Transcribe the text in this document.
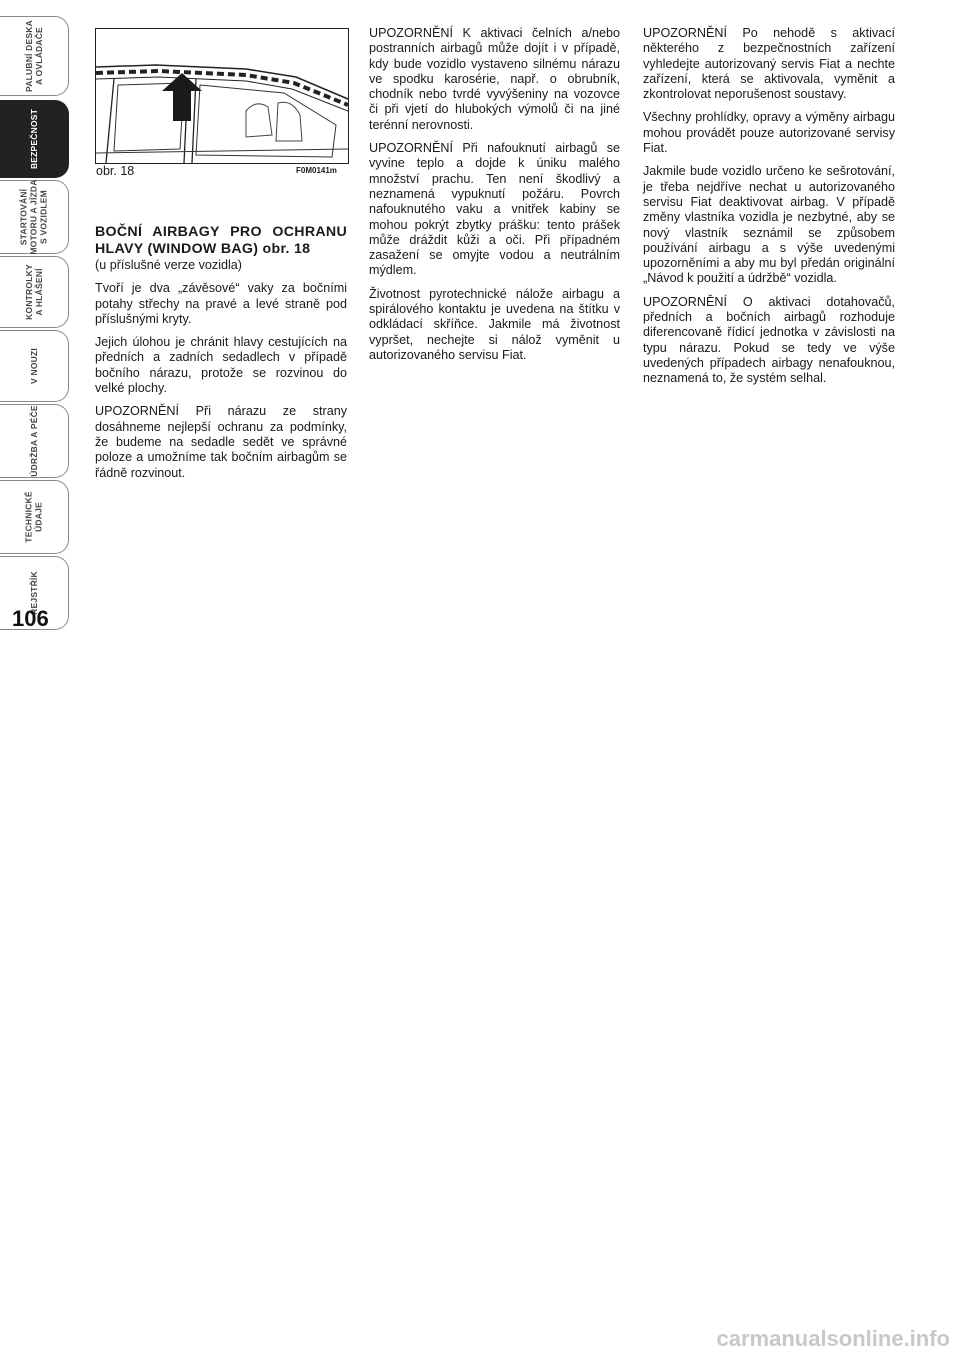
PALUBNÍ DESKA
A OVLÁDAČE
BEZPEČNOST
STARTOVÁNÍ
MOTORU A JÍZDA
S VOZIDLEM
KONTROLKY
A HLÁŠENÍ
V NOUZI
ÚDRŽBA A PÉČE
TECHNICKÉ
ÚDAJE
REJSTŘÍK
106
obr. 18	F0M0141m
BOČNÍ AIRBAGY PRO OCHRANU HLAVY (WINDOW BAG) obr. 18

(u příslušné verze vozidla)

Tvoří je dva „závěsové“ vaky za bočními potahy střechy na pravé a levé straně pod příslušnými kryty.

Jejich úlohou je chránit hlavy cestujících na předních a zadních sedadlech v případě bočního nárazu, protože se rozvinou do velké plochy.

UPOZORNĚNÍ Při nárazu ze strany dosáhneme nejlepší ochranu za podmínky, že budeme na sedadle sedět ve správné poloze a umožníme tak bočním airbagům se řádně rozvinout.

UPOZORNĚNÍ K aktivaci čelních a/nebo postranních airbagů může dojít i v případě, kdy bude vozidlo vystaveno silnému nárazu ve spodku karosérie, např. o obrubník, chodník nebo tvrdé vyvýšeniny na vozovce či při vjetí do hlubokých výmolů či na jiné terénní nerovnosti.

UPOZORNĚNÍ Při nafouknutí airbagů se vyvine teplo a dojde k úniku malého množství prachu. Ten není škodlivý a neznamená vypuknutí požáru. Povrch nafouknutého vaku a vnitřek kabiny se mohou pokrýt zbytky prášku: tento prášek může dráždit kůži a oči. Při případném zasažení se omyjte vodou a neutrálním mýdlem.

Životnost pyrotechnické nálože airbagu a spirálového kontaktu je uvedena na štítku v odkládací skříňce. Jakmile má životnost vypršet, nechejte si nálož vyměnit u autorizovaného servisu Fiat.

UPOZORNĚNÍ Po nehodě s aktivací některého z bezpečnostních zařízení vyhledejte autorizovaný servis Fiat a nechte zařízení, která se aktivovala, vyměnit a zkontrolovat neporušenost soustavy.

Všechny prohlídky, opravy a výměny airbagu mohou provádět pouze autorizované servisy Fiat.

Jakmile bude vozidlo určeno ke sešrotování, je třeba nejdříve nechat u autorizovaného servisu Fiat deaktivovat airbag. V případě změny vlastníka vozidla je nezbytné, aby se nový vlastník seznámil se způsobem používání airbagu a s výše uvedenými upozorněními a aby mu byl předán originální „Návod k použití a údržbě“ vozidla.

UPOZORNĚNÍ O aktivaci dotahovačů, předních a bočních airbagů rozhoduje diferencovaně řídicí jednotka v závislosti na typu nárazu. Pokud se tedy ve výše uvedených případech airbagy nenafouknou, neznamená to, že systém selhal.

carmanualsonline.info
